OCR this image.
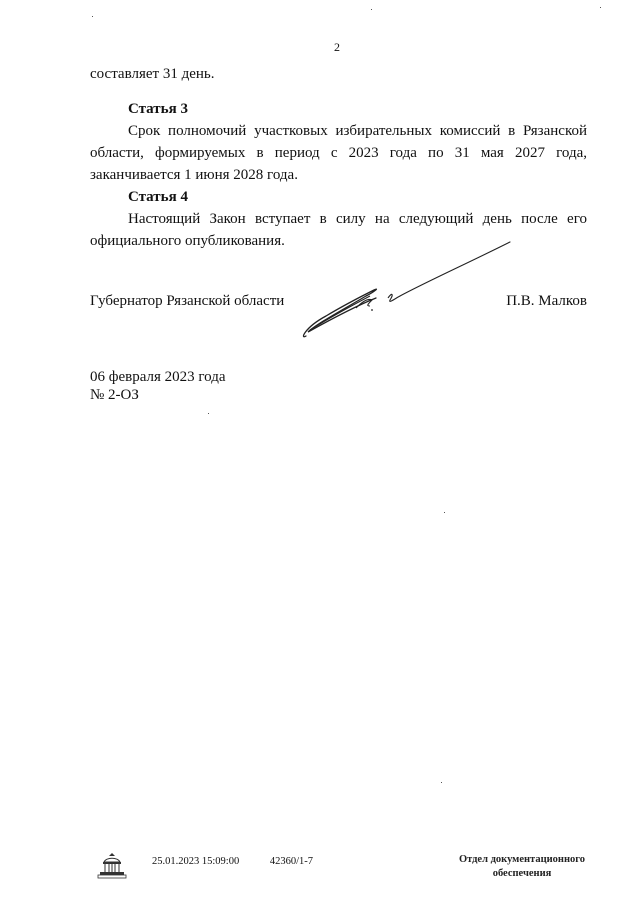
2
составляет 31 день.
Статья 3
Срок полномочий участковых избирательных комиссий в Рязанской
области, формируемых в период с 2023 года по 31 мая 2027 года,
заканчивается 1 июня 2028 года.
Статья 4
Настоящий Закон вступает в силу на следующий день после его
официального опубликования.
Губернатор Рязанской области	П.В. Малков
06 февраля 2023 года
№ 2-ОЗ
25.01.2023 15:09:00	42360/1-7	Отдел документационного
обеспечения
